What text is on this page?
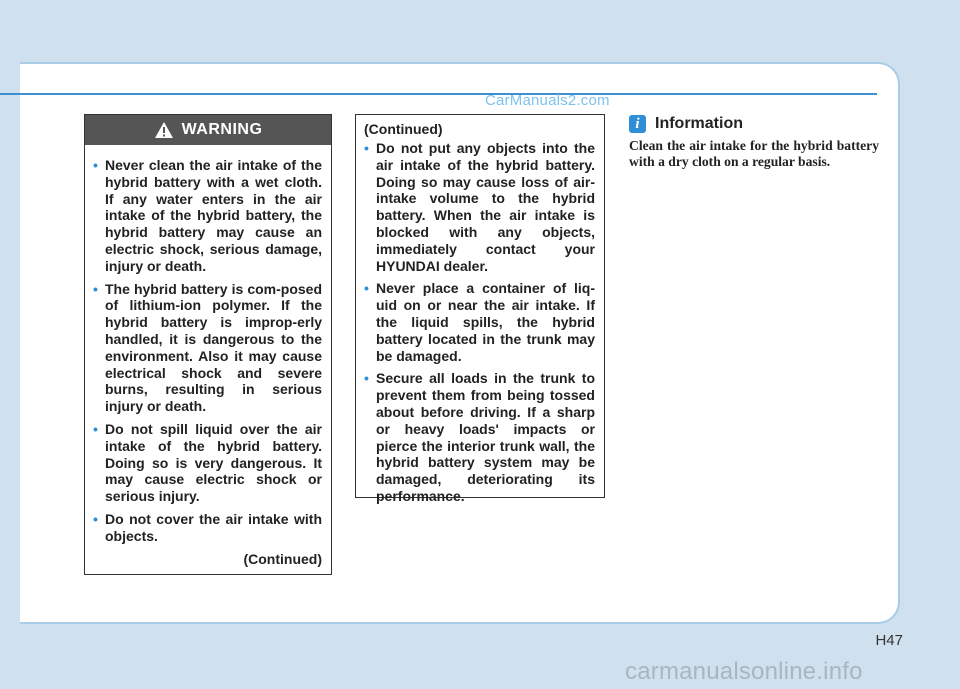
CarManuals2.com
WARNING
• Never clean the air intake of the hybrid battery with a wet cloth. If any water enters in the air intake of the hybrid battery, the hybrid battery may cause an electric shock, serious damage, injury or death.
• The hybrid battery is com-posed of lithium-ion polymer. If the hybrid battery is improp-erly handled, it is dangerous to the environment. Also it may cause electrical shock and severe burns, resulting in serious injury or death.
• Do not spill liquid over the air intake of the hybrid battery. Doing so is very dangerous. It may cause electric shock or serious injury.
• Do not cover the air intake with objects.
(Continued)
(Continued)
• Do not put any objects into the air intake of the hybrid battery. Doing so may cause loss of air-intake volume to the hybrid battery. When the air intake is blocked with any objects, immediately contact your HYUNDAI dealer.
• Never place a container of liq-uid on or near the air intake. If the liquid spills, the hybrid battery located in the trunk may be damaged.
• Secure all loads in the trunk to prevent them from being tossed about before driving. If a sharp or heavy loads' impacts or pierce the interior trunk wall, the hybrid battery system may be damaged, deteriorating its performance.
i Information
Clean the air intake for the hybrid battery with a dry cloth on a regular basis.
H47
carmanualsonline.info
